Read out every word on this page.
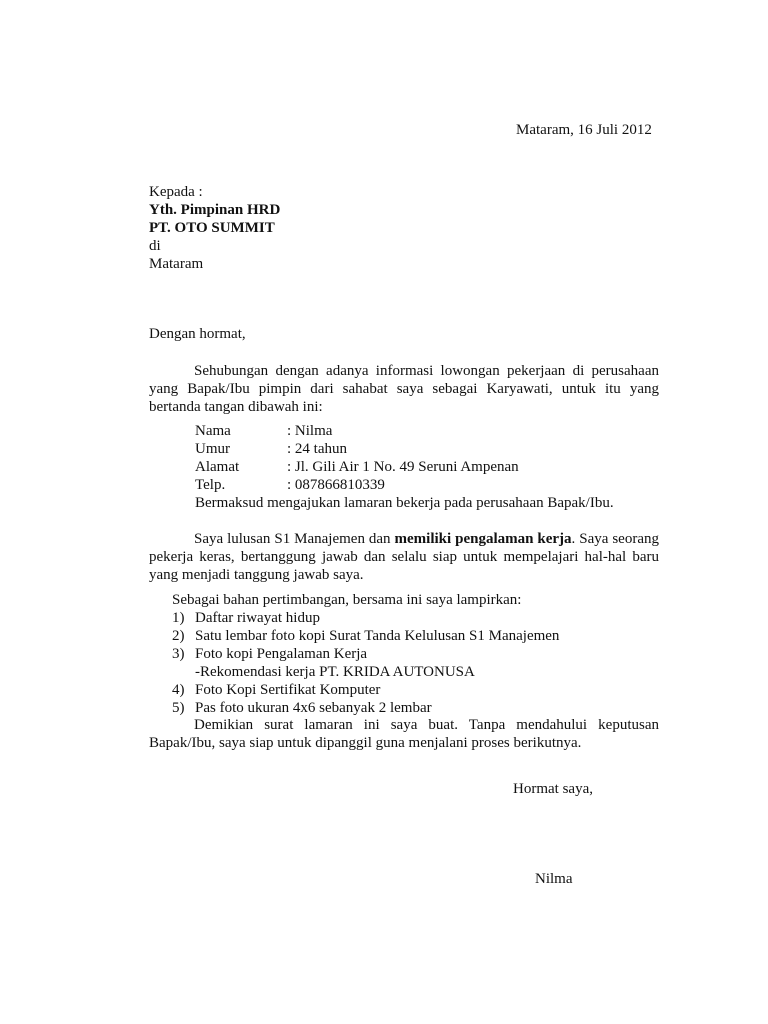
Mataram, 16 Juli 2012
Kepada :
Yth. Pimpinan HRD
PT. OTO SUMMIT
di
Mataram
Dengan hormat,
Sehubungan dengan adanya informasi lowongan pekerjaan di perusahaan yang Bapak/Ibu pimpin dari sahabat saya sebagai Karyawati, untuk itu yang bertanda tangan dibawah ini:
Nama	: Nilma
Umur	: 24 tahun
Alamat	: Jl. Gili Air 1 No. 49 Seruni Ampenan
Telp.	: 087866810339
Bermaksud mengajukan lamaran bekerja pada perusahaan Bapak/Ibu.
Saya lulusan S1 Manajemen dan memiliki pengalaman kerja. Saya seorang pekerja keras, bertanggung jawab dan selalu siap untuk mempelajari hal-hal baru yang menjadi tanggung jawab saya.
Sebagai bahan pertimbangan, bersama ini saya lampirkan:
1) Daftar riwayat hidup
2) Satu lembar foto kopi Surat Tanda Kelulusan S1 Manajemen
3) Foto kopi Pengalaman Kerja
-Rekomendasi kerja PT. KRIDA AUTONUSA
4) Foto Kopi Sertifikat Komputer
5) Pas foto ukuran 4x6 sebanyak 2 lembar
Demikian surat lamaran ini saya buat. Tanpa mendahului keputusan Bapak/Ibu, saya siap untuk dipanggil guna menjalani proses berikutnya.
Hormat saya,
Nilma
